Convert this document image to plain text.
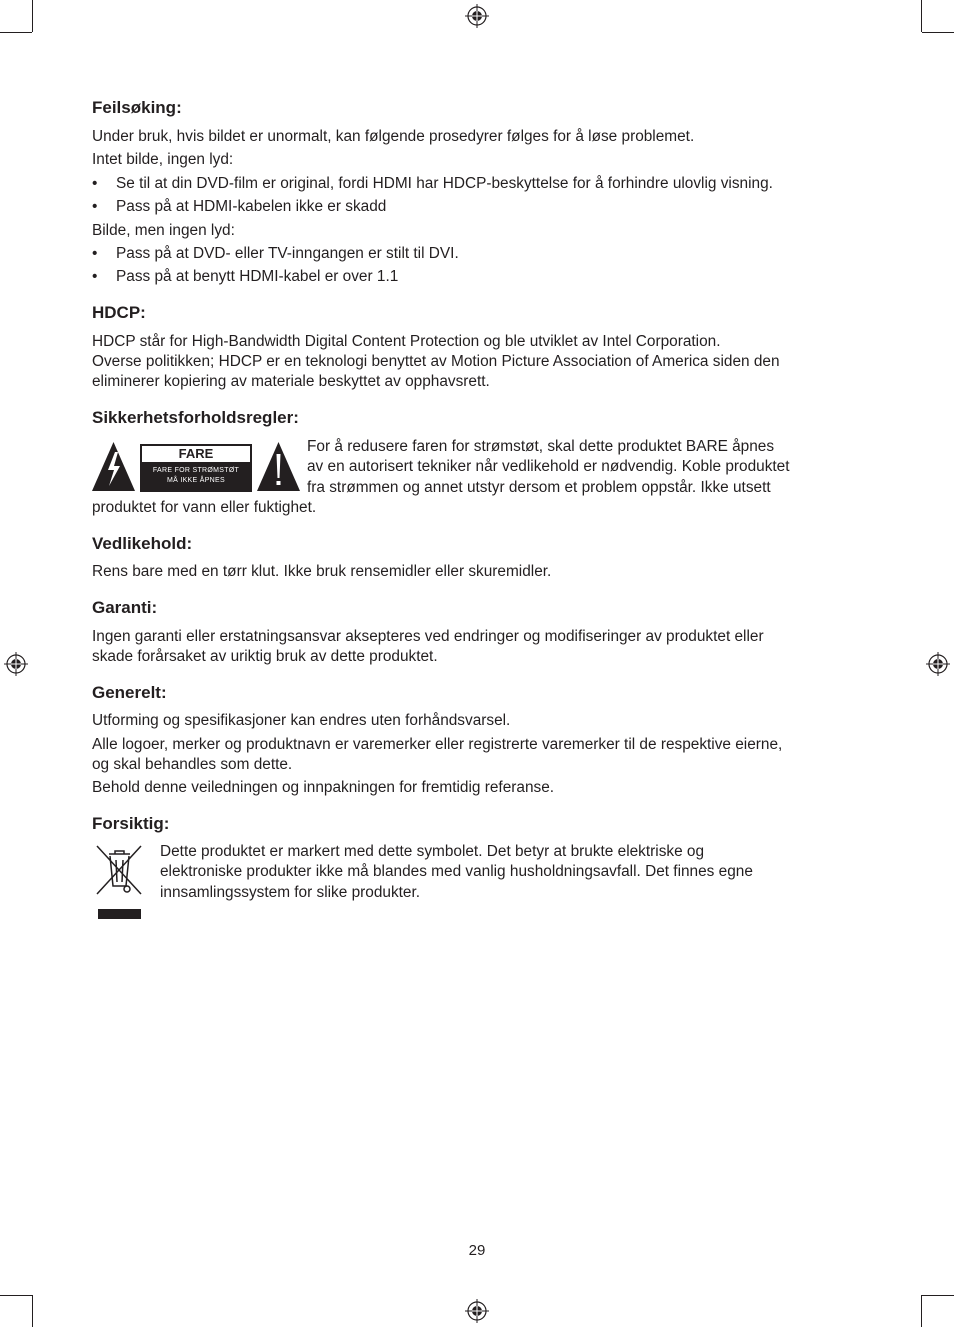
Feilsøking:

Under bruk, hvis bildet er unormalt, kan følgende prosedyrer følges for å løse problemet.

Intet bilde, ingen lyd:

• Se til at din DVD-film er original, fordi HDMI har HDCP-beskyttelse for å forhindre ulovlig visning.
• Pass på at HDMI-kabelen ikke er skadd

Bilde, men ingen lyd:

• Pass på at DVD- eller TV-inngangen er stilt til DVI.
• Pass på at benytt HDMI-kabel er over 1.1
HDCP:

HDCP står for High-Bandwidth Digital Content Protection og ble utviklet av Intel Corporation.

Overse politikken; HDCP er en teknologi benyttet av Motion Picture Association of America siden den

eliminerer kopiering av materiale beskyttet av opphavsrett.

Sikkerhetsforholdsregler:
FARE
FARE FOR STRØMSTØT
MÅ IKKE ÅPNES

For å redusere faren for strømstøt, skal dette produktet BARE åpnes

av en autorisert tekniker når vedlikehold er nødvendig. Koble produktet

fra strømmen og annet utstyr dersom et problem oppstår. Ikke utsett

produktet for vann eller fuktighet.

Vedlikehold:

Rens bare med en tørr klut. Ikke bruk rensemidler eller skuremidler.

Garanti:

Ingen garanti eller erstatningsansvar aksepteres ved endringer og modifiseringer av produktet eller

skade forårsaket av uriktig bruk av dette produktet.

Generelt:

Utforming og spesifikasjoner kan endres uten forhåndsvarsel.

Alle logoer, merker og produktnavn er varemerker eller registrerte varemerker til de respektive eierne,

og skal behandles som dette.

Behold denne veiledningen og innpakningen for fremtidig referanse.

Forsiktig:

Dette produktet er markert med dette symbolet. Det betyr at brukte elektriske og

elektroniske produkter ikke må blandes med vanlig husholdningsavfall. Det finnes egne

innsamlingssystem for slike produkter.

29
